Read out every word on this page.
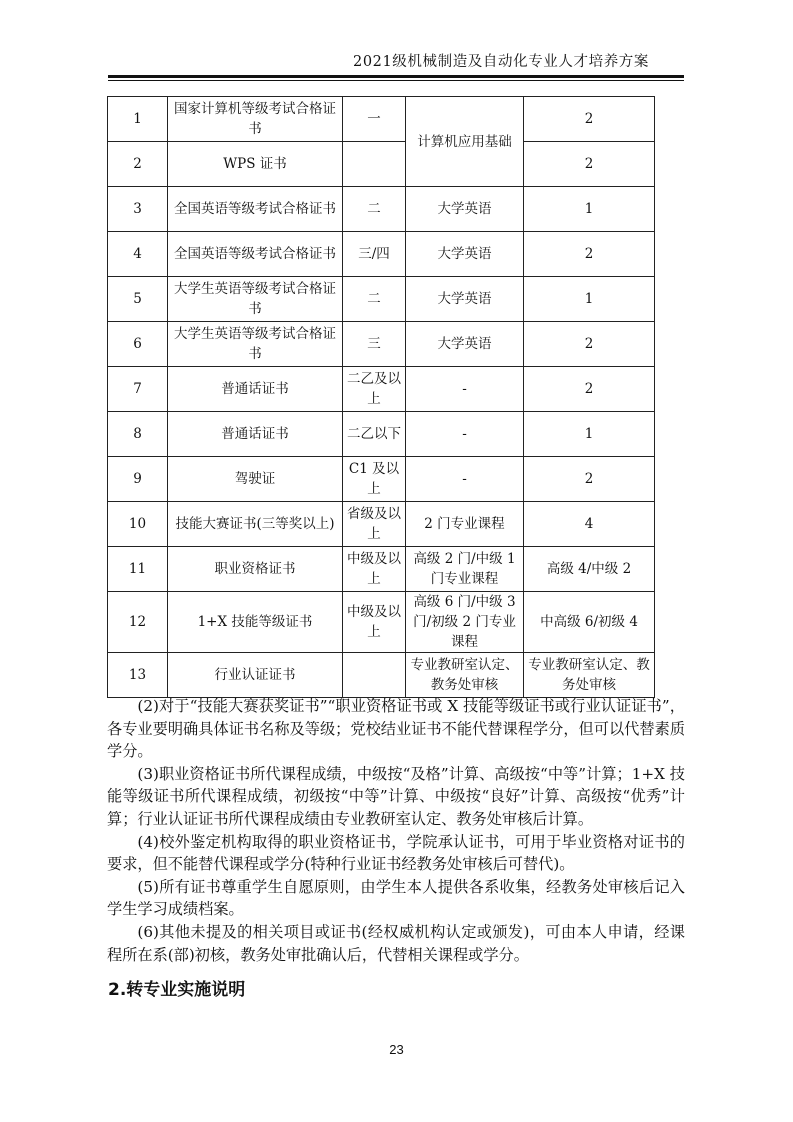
2021级机械制造及自动化专业人才培养方案
1	国家计算机等级考试合格证书	一	计算机应用基础	2
2	WPS 证书			2
3	全国英语等级考试合格证书	二	大学英语	1
4	全国英语等级考试合格证书	三/四	大学英语	2
5	大学生英语等级考试合格证书	二	大学英语	1
6	大学生英语等级考试合格证书	三	大学英语	2
7	普通话证书	二乙及以上	-	2
8	普通话证书	二乙以下	-	1
9	驾驶证	C1 及以上	-	2
10	技能大赛证书(三等奖以上)	省级及以上	2 门专业课程	4
11	职业资格证书	中级及以上	高级 2 门/中级 1 门专业课程	高级 4/中级 2
12	1+X 技能等级证书	中级及以上	高级 6 门/中级 3 门/初级 2 门专业课程	中高级 6/初级 4
13	行业认证证书		专业教研室认定、教务处审核	专业教研室认定、教务处审核

(2)对于“技能大赛获奖证书”“职业资格证书或 X 技能等级证书或行业认证证书”，各专业要明确具体证书名称及等级；党校结业证书不能代替课程学分，但可以代替素质学分。

(3)职业资格证书所代课程成绩，中级按“及格”计算、高级按“中等”计算；1+X 技能等级证书所代课程成绩，初级按“中等”计算、中级按“良好”计算、高级按“优秀”计算；行业认证证书所代课程成绩由专业教研室认定、教务处审核后计算。

(4)校外鉴定机构取得的职业资格证书，学院承认证书，可用于毕业资格对证书的要求，但不能替代课程或学分(特种行业证书经教务处审核后可替代)。

(5)所有证书尊重学生自愿原则，由学生本人提供各系收集，经教务处审核后记入学生学习成绩档案。

(6)其他未提及的相关项目或证书(经权威机构认定或颁发)，可由本人申请，经课程所在系(部)初核，教务处审批确认后，代替相关课程或学分。

2.转专业实施说明
23
